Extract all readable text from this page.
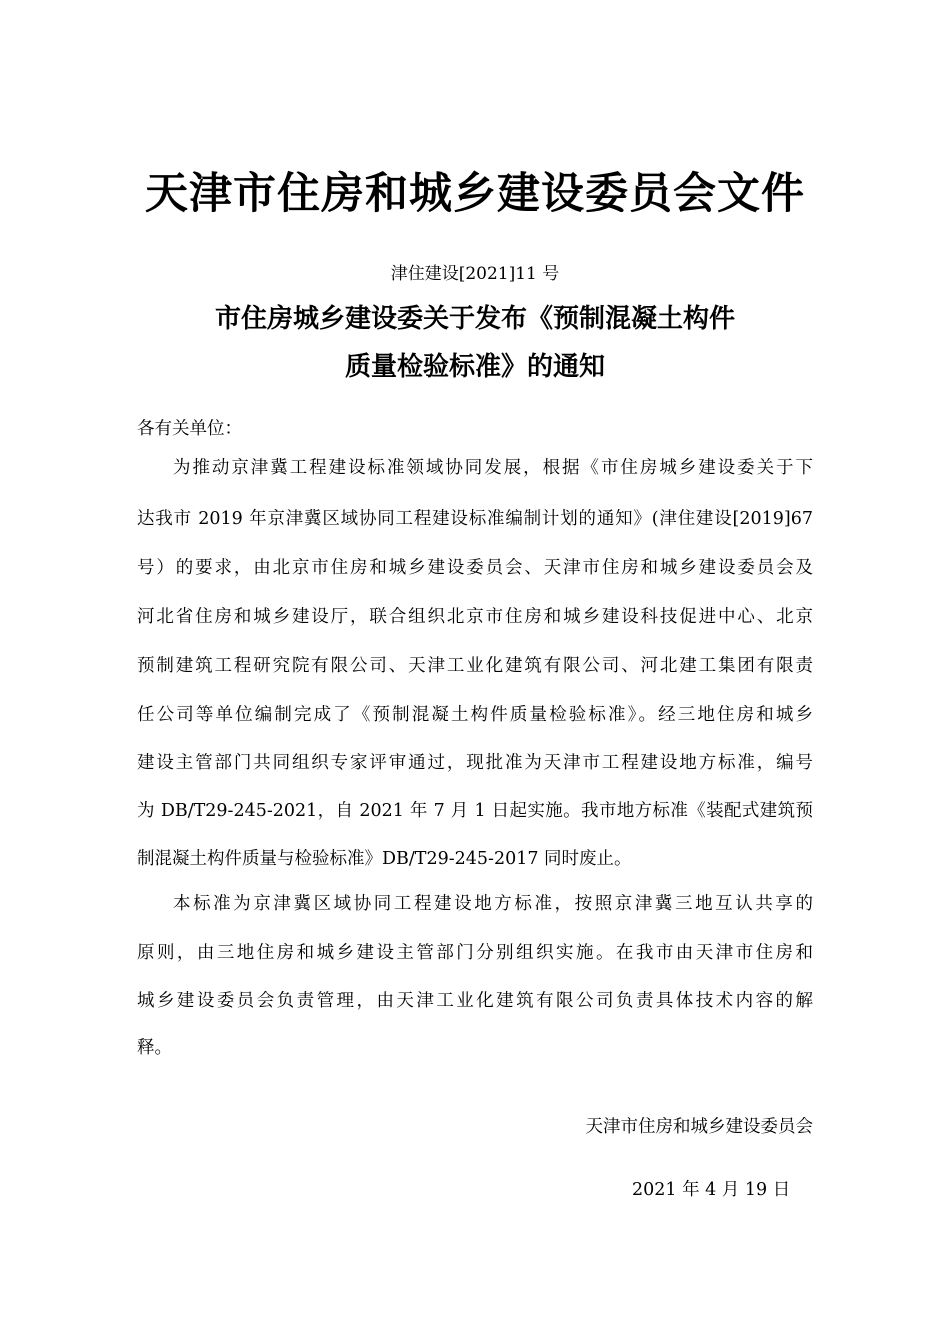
天津市住房和城乡建设委员会文件
津住建设[2021]11 号
市住房城乡建设委关于发布《预制混凝土构件
质量检验标准》的通知
各有关单位：
为推动京津冀工程建设标准领域协同发展，根据《市住房城乡建设委关于下
达我市 2019 年京津冀区域协同工程建设标准编制计划的通知》(津住建设[2019]67
号）的要求，由北京市住房和城乡建设委员会、天津市住房和城乡建设委员会及
河北省住房和城乡建设厅，联合组织北京市住房和城乡建设科技促进中心、北京
预制建筑工程研究院有限公司、天津工业化建筑有限公司、河北建工集团有限责
任公司等单位编制完成了《预制混凝土构件质量检验标准》。经三地住房和城乡
建设主管部门共同组织专家评审通过，现批准为天津市工程建设地方标准，编号
为 DB/T29-245-2021，自 2021 年 7 月 1 日起实施。我市地方标准《装配式建筑预
制混凝土构件质量与检验标准》DB/T29-245-2017 同时废止。
本标准为京津冀区域协同工程建设地方标准，按照京津冀三地互认共享的
原则，由三地住房和城乡建设主管部门分别组织实施。在我市由天津市住房和
城乡建设委员会负责管理，由天津工业化建筑有限公司负责具体技术内容的解
释。
天津市住房和城乡建设委员会
2021 年 4 月 19 日
